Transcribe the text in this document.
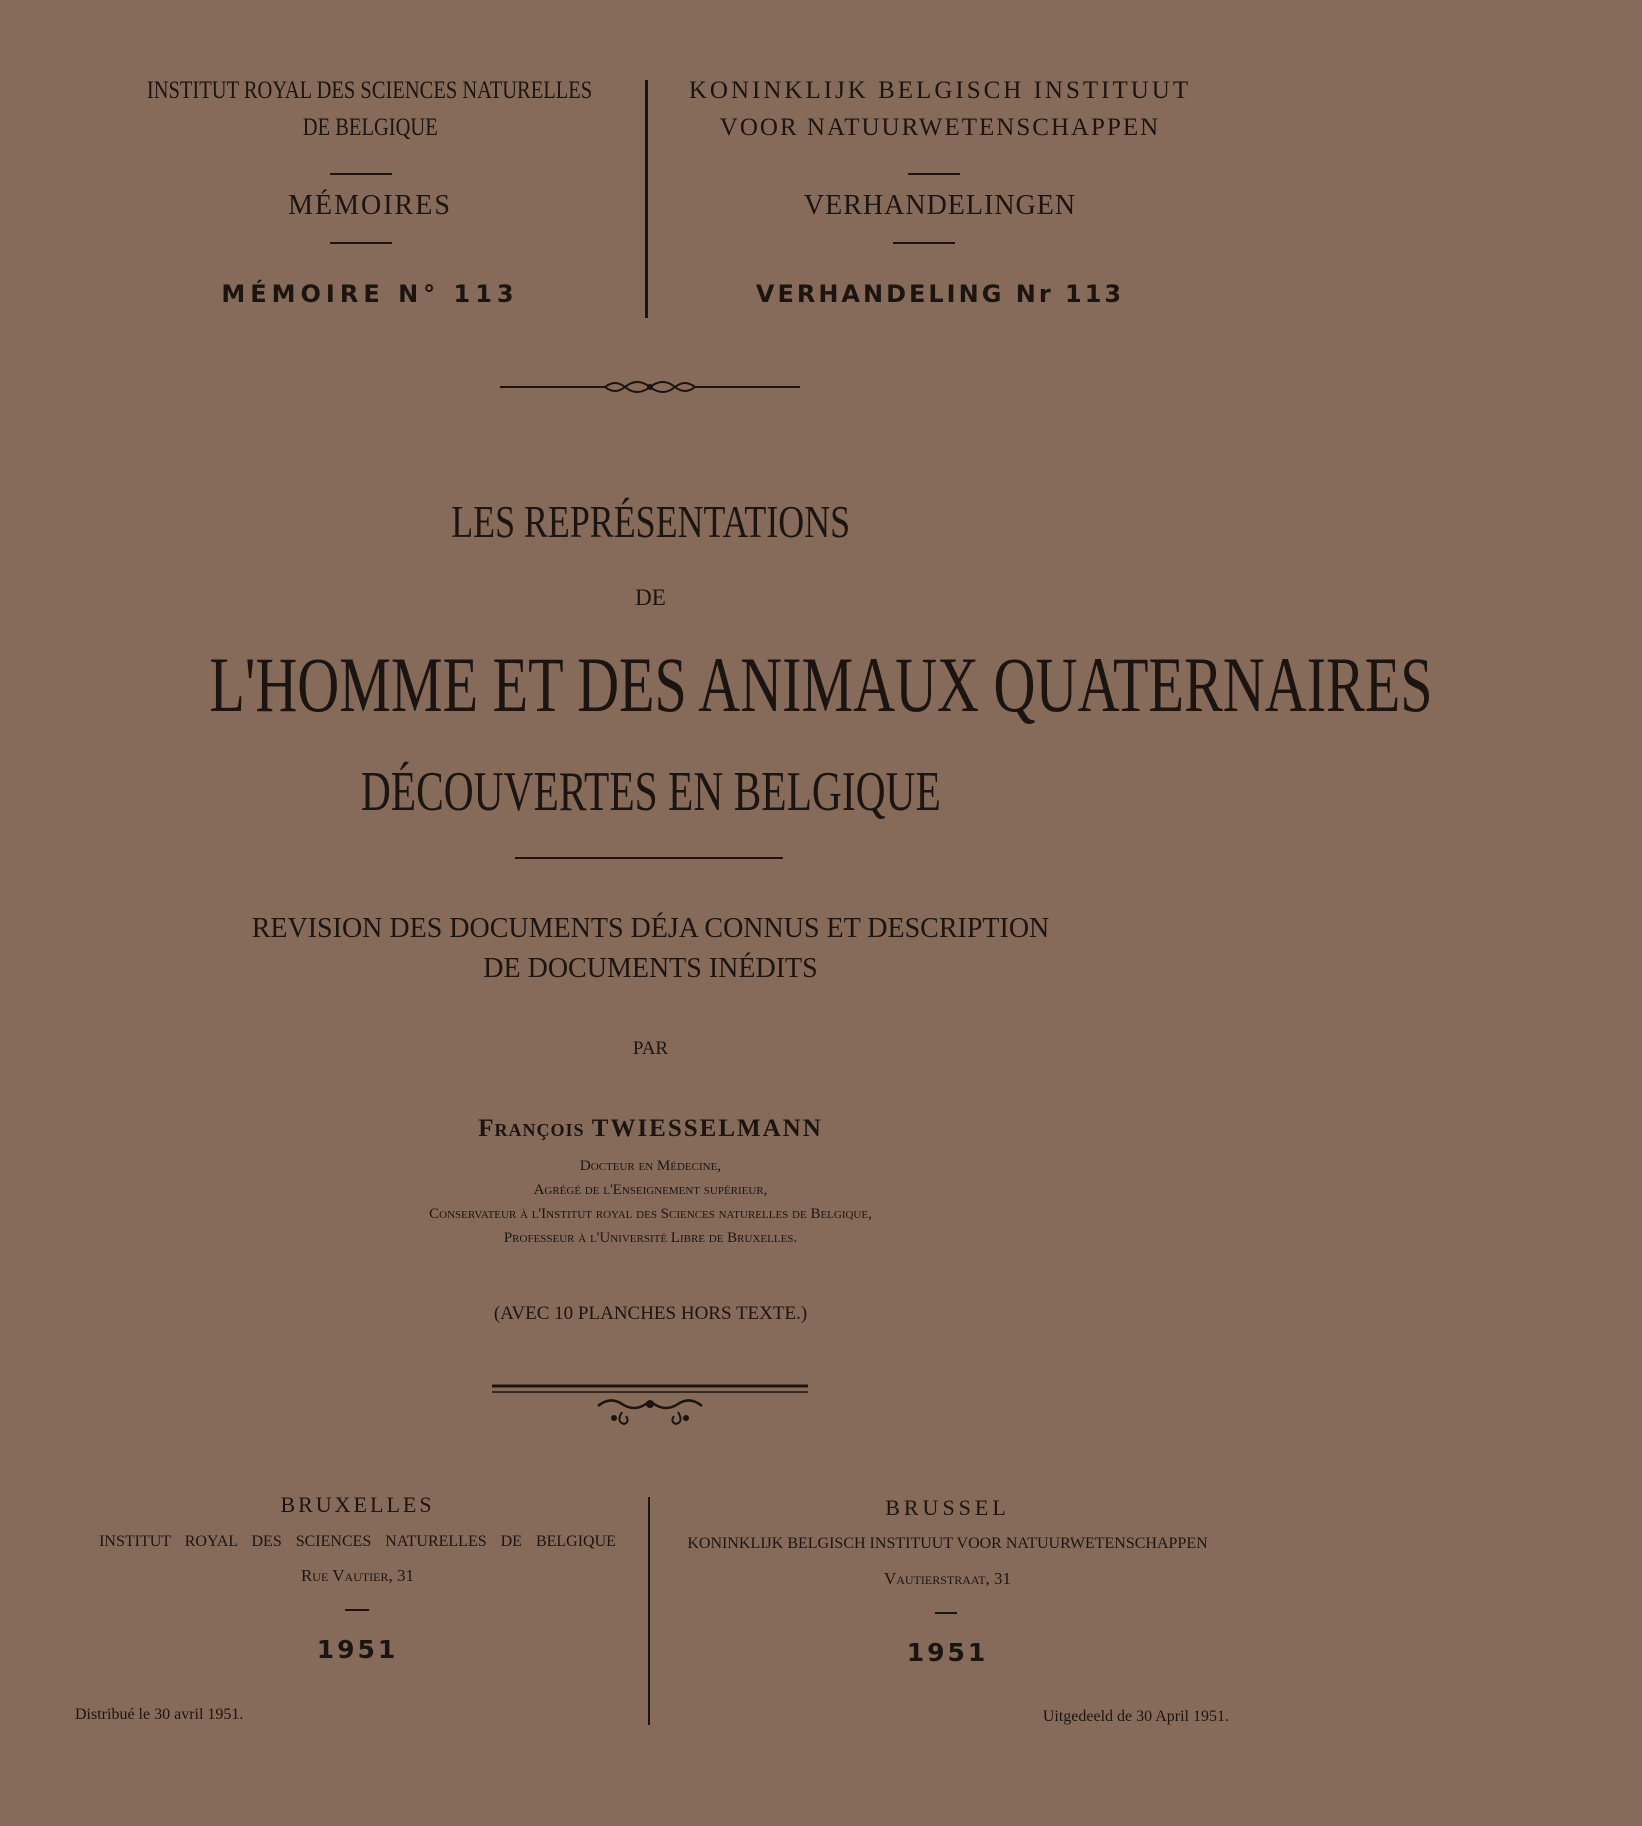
INSTITUT ROYAL DES SCIENCES NATURELLES
DE BELGIQUE
MÉMOIRES
MÉMOIRE N° 113
KONINKLIJK BELGISCH INSTITUUT
VOOR NATUURWETENSCHAPPEN
VERHANDELINGEN
VERHANDELING Nr 113
LES REPRÉSENTATIONS
DE
L'HOMME ET DES ANIMAUX QUATERNAIRES
DÉCOUVERTES EN BELGIQUE
REVISION DES DOCUMENTS DÉJA CONNUS ET DESCRIPTION
DE DOCUMENTS INÉDITS
PAR
François TWIESSELMANN
Docteur en Médecine,
Agrégé de l'Enseignement supérieur,
Conservateur à l'Institut royal des Sciences naturelles de Belgique,
Professeur à l'Université Libre de Bruxelles.
(AVEC 10 PLANCHES HORS TEXTE.)
BRUXELLES
INSTITUT ROYAL DES SCIENCES NATURELLES DE BELGIQUE
Rue Vautier, 31
1951
Distribué le 30 avril 1951.
BRUSSEL
KONINKLIJK BELGISCH INSTITUUT VOOR NATUURWETENSCHAPPEN
Vautierstraat, 31
1951
Uitgedeeld de 30 April 1951.
